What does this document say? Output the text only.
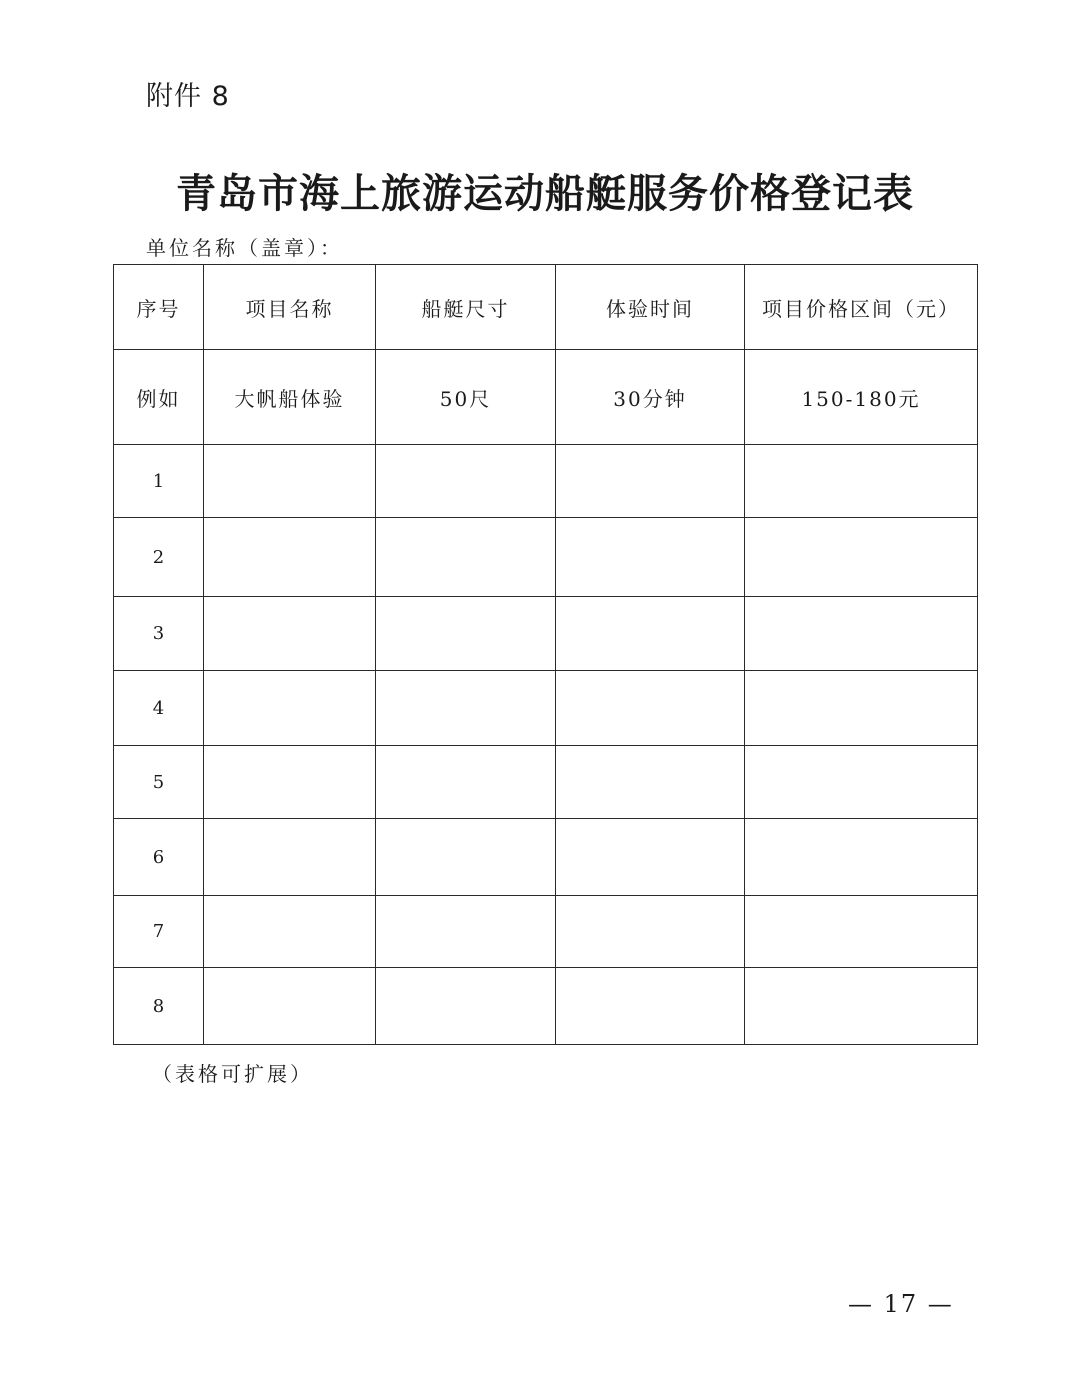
附件 8
青岛市海上旅游运动船艇服务价格登记表
单位名称（盖章）：
序号	项目名称	船艇尺寸	体验时间	项目价格区间（元）
例如	大帆船体验	50尺	30分钟	150-180元
1				
2				
3				
4				
5				
6				
7				
8				
（表格可扩展）
— 17 —
